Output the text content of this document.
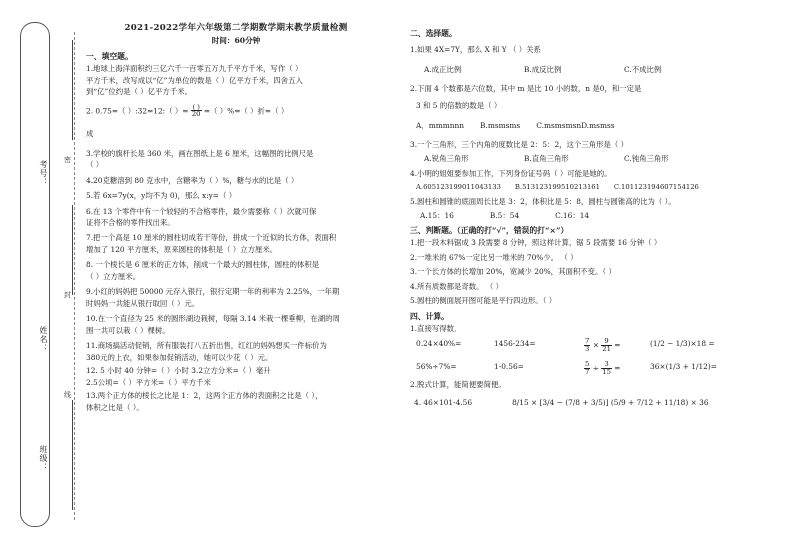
考号： 密
姓名：
封
线
班级：
2021-2022学年六年级第二学期数学期末教学质量检测
时间：60分钟
一、填空题。

1.地球上海洋面积约三亿六千一百零五万九千平方千米，写作（ ）

平方千米，改写成以“亿”为单位的数是（ ）亿平方千米，四舍五入

到“亿”位约是（ ）亿平方千米。

2. 0.75=（ ）:32=12:（ ）= $\frac{( )}{20}$ =（ ）%=（ ）折=（ ）

成

3.学校的旗杆长是 360 米，画在图纸上是 6 厘米，这幅图的比例尺是

（ ）

4.20克糖溶到 80 克水中，含糖率为（ ）%，糖与水的比是（ ）

5.若 6x=7y(x，y均不为 0)，那么 x:y=（ ）

6.在 13 个零件中有一个较轻的不合格零件，最少需要称（ ）次就可保

证将不合格的零件找出来。

7.把一个高是 10 厘米的圆柱切成若干等份，拼成一个近似的长方体，表面积

增加了 120 平方厘米，原来圆柱的体积是（ ）立方厘米。

8. 一个棱长是 6 厘米的正方体，削成一个最大的圆柱体，圆柱的体积是

（ ）立方厘米。

9.小红的妈妈把 50000 元存入银行，银行定期一年的利率为 2.25%，一年期

时妈妈一共能从银行取回（ ）元。

10.在一个直径为 25 米的圆形湖边栽树，每隔 3.14 米栽一棵垂柳，在湖的周

围一共可以栽（ ）棵树。

11.商场搞活动促销，所有服装打八五折出售，红红的妈妈想买一件标价为

380元的上衣，如果参加促销活动，她可以少花（ ）元。

12. 5 小时 40 分钟=（ ）小时 3.2立方分米=（ ）毫升

2.5公顷=（ ）平方米=（ ）平方千米

13.两个正方体的棱长之比是 1：2，这两个正方体的表面积之比是（ ），

体积之比是（ ）。

二、选择题。

1.如果 4X=7Y，那么 X 和 Y （ ）关系

A.成正比例	B.成反比例	C.不成比例

2.下面 4 个数都是六位数，其中 m 是比 10 小的数，n 是0，和一定是

3 和 5 的倍数的数是（ ）

A．mmmnnn B.msmsms C.msmsmsnD.msmss

3.一个三角形，三个内角的度数比是 2：5：2，这个三角形是（ ）

A.锐角三角形	B.直角三角形	C.钝角三角形

4.小明的姐姐要参加工作，下列身份证号码（ ）可能是她的。

A.605123199011043133 B.513123199510213161 C.101123194607154126

5.圆柱和圆锥的底面周长比是 3：2，体积比是 5：8，圆柱与圆锥高的比为（ ）。

A.15：16	B.5：54	C.16：14
三、判断题。（正确的打“√”，错误的打“×”）

1.把一段木料锯成 3 段需要 8 分钟，照这样计算，锯 5 段需要 16 分钟（ ）

2.一堆米的 67%一定比另一堆米的 70%少。 （ ）

3.一个长方体的长增加 20%，宽减少 20%，其面积不变。（ ）

4.所有质数都是奇数。 （ ）

5.圆柱的侧面展开图可能是平行四边形。（ ）

四、计算。

1.直接写得数．

0.24×40%=	1456-234=	$\frac{7}{3} \times \frac{9}{21}$ =	(1/2 − 1/3)×18 =
56%÷7%=	1-0.56=	$\frac{5}{7} \div \frac{3}{15}$ =	36×(1/3 + 1/12)=

2.脱式计算，能简便要简便。

4. 46×101-4.56	8/15 × [3/4 − (7/8 + 3/5)] (5/9 + 7/12 + 11/18) × 36
